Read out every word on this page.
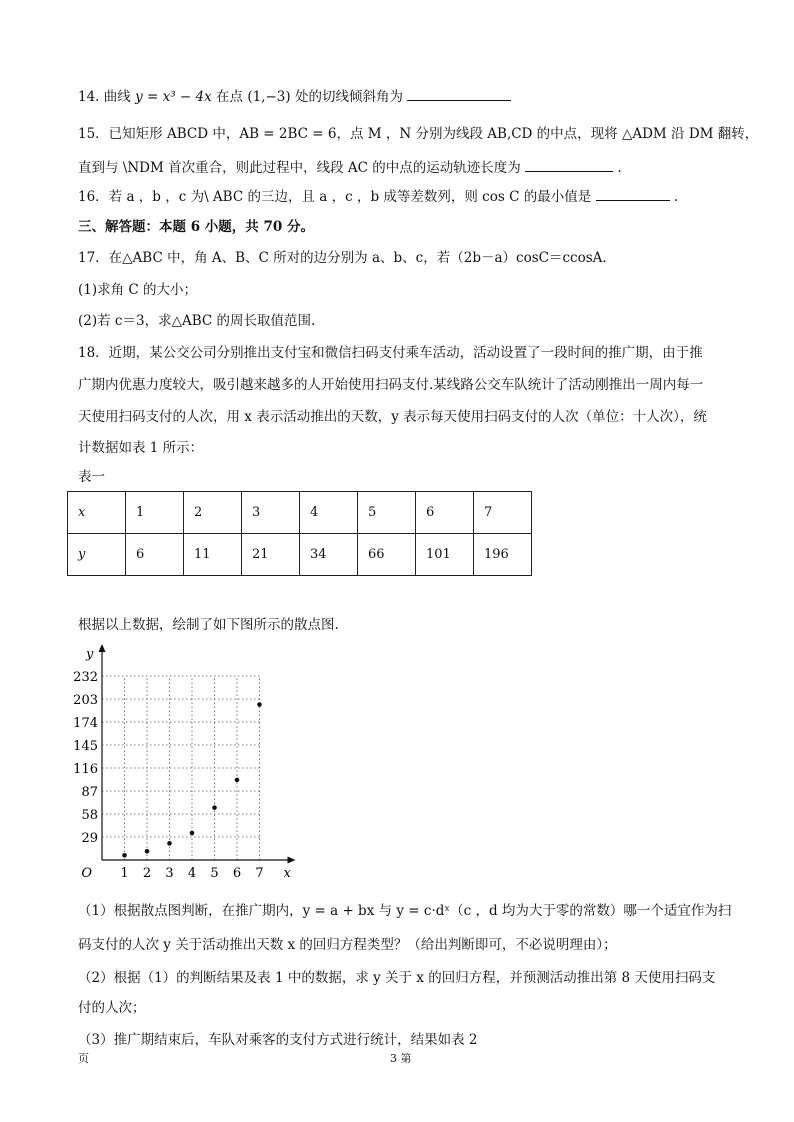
14. 曲线 y = x³ − 4x 在点 (1,−3) 处的切线倾斜角为
15．已知矩形 ABCD 中，AB = 2BC = 6，点 M ，N 分别为线段 AB,CD 的中点，现将 △ADM 沿 DM 翻转，
直到与 \NDM 首次重合，则此过程中，线段 AC 的中点的运动轨迹长度为	.
16．若 a ，b ，c 为\ ABC 的三边，且 a ，c ，b 成等差数列，则 cos C 的最小值是	.
三、解答题：本题 6 小题，共 70 分。
17．在△ABC 中，角 A、B、C 所对的边分别为 a、b、c，若（2b－a）cosC＝ccosA．
(1)求角 C 的大小；
(2)若 c＝3，求△ABC 的周长取值范围.
18．近期，某公交公司分别推出支付宝和微信扫码支付乘车活动，活动设置了一段时间的推广期，由于推
广期内优惠力度较大，吸引越来越多的人开始使用扫码支付.某线路公交车队统计了活动刚推出一周内每一
天使用扫码支付的人次，用 x 表示活动推出的天数，y 表示每天使用扫码支付的人次（单位：十人次），统
计数据如表 1 所示：
表一
x	1	2	3	4	5	6	7
y	6	11	21	34	66	101	196
根据以上数据，绘制了如下图所示的散点图.
1 2 3 4 5 6 7
29
58
87
116
145
174
203
232
O	x
y
（1）根据散点图判断，在推广期内，y = a + bx 与 y = c·dˣ（c ，d 均为大于零的常数）哪一个适宜作为扫
码支付的人次 y 关于活动推出天数 x 的回归方程类型？（给出判断即可，不必说明理由）；
（2）根据（1）的判断结果及表 1 中的数据，求 y 关于 x 的回归方程，并预测活动推出第 8 天使用扫码支
付的人次；
（3）推广期结束后，车队对乘客的支付方式进行统计，结果如表 2
页	3 第
